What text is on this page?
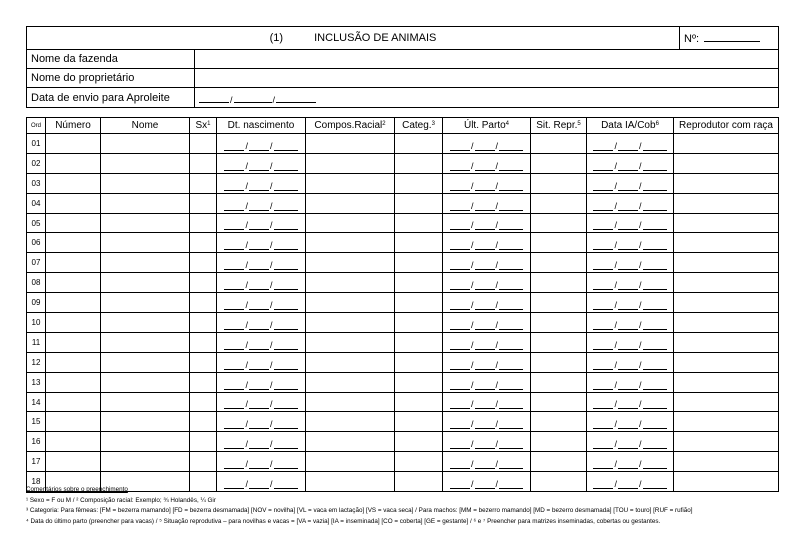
(1) INCLUSÃO DE ANIMAIS		Nº:
Nome da fazenda		
Nome do proprietário		
Data de envio para Aproleite	/ /	
Ord	Número	Nome	Sx$^1$	Dt. nascimento	Compos.Racial$^2$	Categ.$^3$	Últ. Parto$^4$	Sit. Repr.$^5$	Data IA/Cob$^6$	Reprodutor com raça
01				/ /			/ /		/ /	

02				/ /			/ /		/ /	

03				/ /			/ /		/ /	

04				/ /			/ /		/ /	

05				/ /			/ /		/ /	

06				/ /			/ /		/ /	

07				/ /			/ /		/ /	

08				/ /			/ /		/ /	

09				/ /			/ /		/ /	

10				/ /			/ /		/ /	

11				/ /			/ /		/ /	

12				/ /			/ /		/ /	

13				/ /			/ /		/ /	

14				/ /			/ /		/ /	

15				/ /			/ /		/ /	

16				/ /			/ /		/ /	

17				/ /			/ /		/ /	

18				/ /			/ /		/ /	

Comentários sobre o preenchimento
¹ Sexo = F ou M / ² Composição racial: Exemplo; ¾ Holandês, ¼ Gir
³ Categoria: Para fêmeas: [FM = bezerra mamando] [FD = bezerra desmamada] [NOV = novilha] [VL = vaca em lactação] [VS = vaca seca] / Para machos: [MM = bezerro mamando] [MD = bezerro desmamada] [TOU = touro] [RUF = rufião]
⁴ Data do último parto (preencher para vacas) / ⁵ Situação reprodutiva – para novilhas e vacas = [VA = vazia] [IA = inseminada] [CO = coberta] [GE = gestante] / ⁶ e ⁷ Preencher para matrizes inseminadas, cobertas ou gestantes.
